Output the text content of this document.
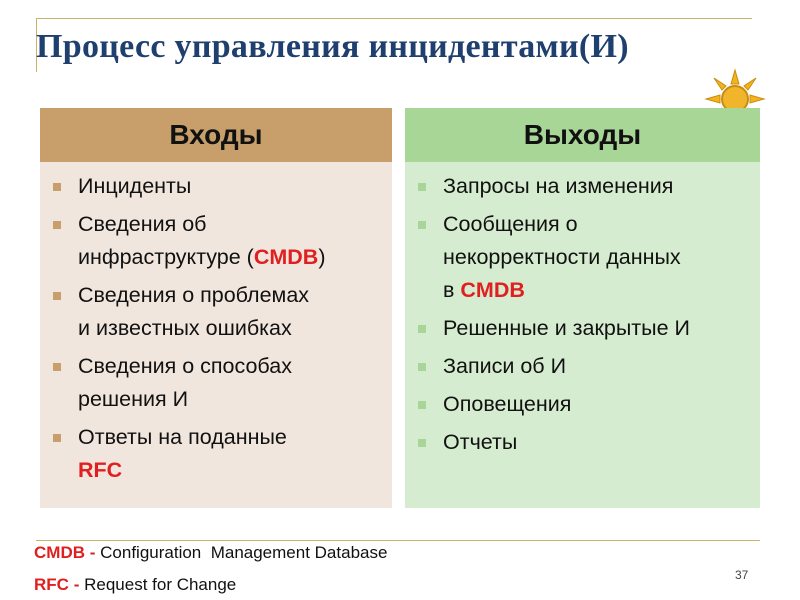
Процесс управления инцидентами(И)
Входы
Инциденты
Сведения об
инфраструктуре (CMDB)
Сведения о проблемах
и известных ошибках
Сведения о способах
решения И
Ответы на поданные
RFC
Выходы
Запросы на изменения
Сообщения о
некорректности данных
в CMDB
Решенные и закрытые И
Записи об И
Оповещения
Отчеты
CMDB - Configuration  Management Database
RFC - Request for Change	37
